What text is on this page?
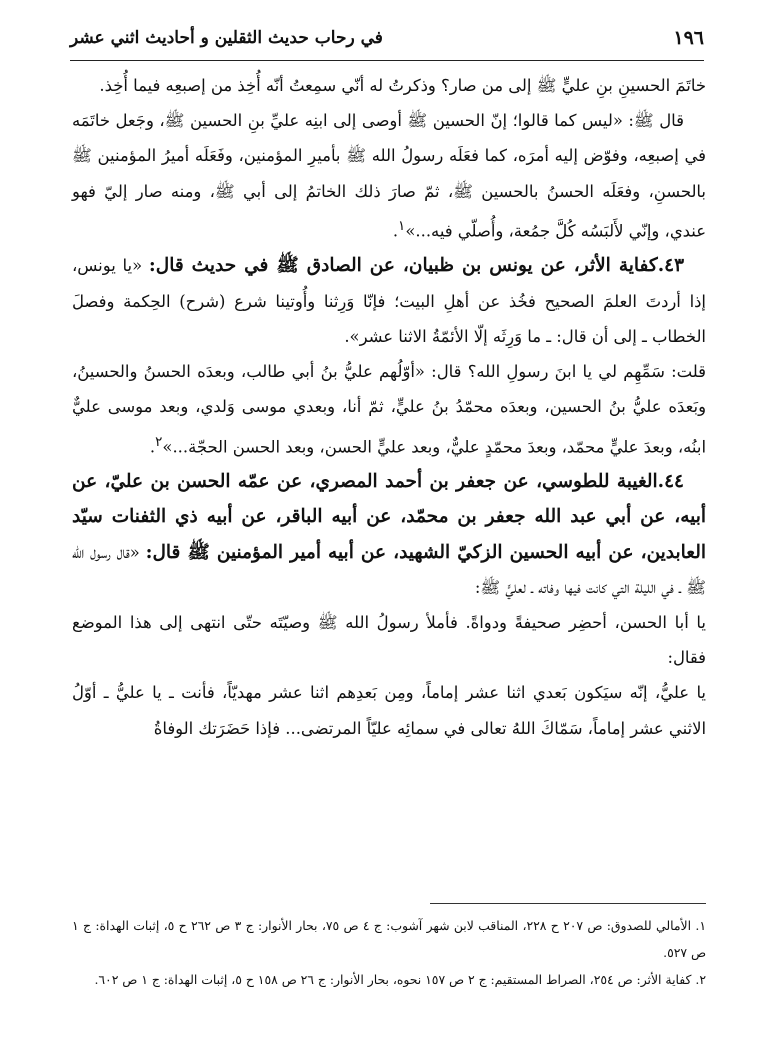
١٩٦
في رحاب حديث الثقلين و أحاديث اثني عشر

خاتَمَ الحسينِ بنِ عليٍّ ﷺ إلى من صار؟ وذكرتُ له أنّي سمِعتُ أنّه أُخِذ من إصبعِه فيما أُخِذ.

قال ﷺ: «ليس كما قالوا؛ إنّ الحسين ﷺ أوصى إلى ابنِه عليِّ بنِ الحسين ﷺ، وجَعل خاتَمَه في إصبعِه، وفوّض إليه أمرَه، كما فعَلَه رسولُ الله ﷺ بأميرِ المؤمنين، وفَعَلَه أميرُ المؤمنين ﷺ بالحسنِ، وفعَلَه الحسنُ بالحسين ﷺ، ثمّ صارَ ذلك الخاتمُ إلى أبي ﷺ، ومنه صار إليّ فهو عندي، وإنّي لأَلبَسُه كُلَّ جمُعة، وأُصلّي فيه...»$^١$.

٤٣.كفاية الأثر، عن يونس بن ظبيان، عن الصادق ﷺ في حديث قال: «يا يونس، إذا أردتَ العلمَ الصحيح فخُذ عن أهلِ البيت؛ فإنّا وَرِثنا وأُوتينا شرع (شرح) الحِكمة وفصلَ الخطاب ـ إلى أن قال: ـ ما وَرِثَه إلّا الأئمّةُ الاثنا عشر».

قلت: سَمِّهِم لي يا ابنَ رسولِ الله؟ قال: «أوّلُهم عليُّ بنُ أبي طالب، وبعدَه الحسنُ والحسينُ، وبَعدَه عليُّ بنُ الحسين، وبعدَه محمّدُ بنُ عليٍّ، ثمّ أنا، وبعدي موسى وَلدي، وبعد موسى عليٌّ ابنُه، وبعدَ عليٍّ محمّد، وبعدَ محمّدٍ عليٌّ، وبعد عليٍّ الحسن، وبعد الحسن الحجّة...»$^٢$.

٤٤.الغيبة للطوسي، عن جعفر بن أحمد المصري، عن عمّه الحسن بن عليّ، عن أبيه، عن أبي عبد الله جعفر بن محمّد، عن أبيه الباقر، عن أبيه ذي الثفنات سيّد العابدين، عن أبيه الحسين الزكيّ الشهيد، عن أبيه أمير المؤمنين ﷺ قال: «قال رسول الله ﷺ ـ في الليلة التي كانت فيها وفاته ـ لعليٍّ ﷺ:

يا أبا الحسن، أحضِر صحيفةً ودواةً. فأملأ رسولُ الله ﷺ وصيّتَه حتّى انتهى إلى هذا الموضع فقال:

يا عليُّ، إنّه سيَكون بَعدي اثنا عشر إماماً، ومِن بَعدِهم اثنا عشر مهديّاً، فأنت ـ يا عليُّ ـ أوّلُ الاثني عشر إماماً، سَمّاكَ اللهُ تعالى في سمائِه عليّاً المرتضى... فإذا حَضَرَتك الوفاةُ

١. الأمالي للصدوق: ص ٢٠٧ ح ٢٢٨، المناقب لابن شهر آشوب: ج ٤ ص ٧٥، بحار الأنوار: ج ٣ ص ٢٦٢ ح ٥، إثبات الهداة: ج ١ ص ٥٢٧.

٢. كفاية الأثر: ص ٢٥٤، الصراط المستقيم: ج ٢ ص ١٥٧ نحوه، بحار الأنوار: ج ٢٦ ص ١٥٨ ح ٥، إثبات الهداة: ج ١ ص ٦٠٢.
